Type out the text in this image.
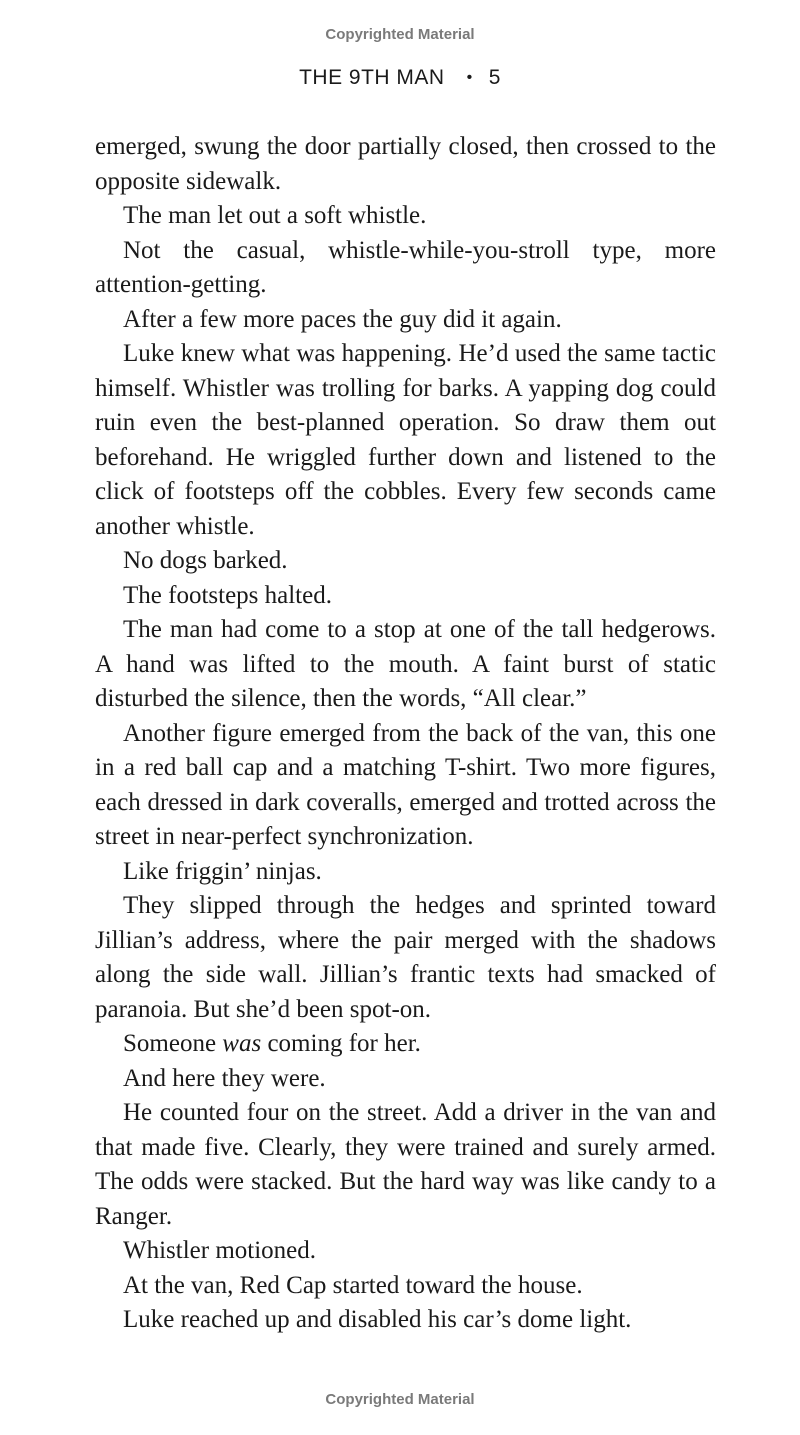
Copyrighted Material
THE 9TH MAN • 5

emerged, swung the door partially closed, then crossed to the opposite sidewalk.

The man let out a soft whistle.

Not the casual, whistle-while-you-stroll type, more attention-getting.

After a few more paces the guy did it again.

Luke knew what was happening. He’d used the same tactic himself. Whistler was trolling for barks. A yapping dog could ruin even the best-planned operation. So draw them out beforehand. He wriggled further down and listened to the click of footsteps off the cobbles. Every few seconds came another whistle.

No dogs barked.

The footsteps halted.

The man had come to a stop at one of the tall hedgerows. A hand was lifted to the mouth. A faint burst of static disturbed the silence, then the words, “All clear.”

Another figure emerged from the back of the van, this one in a red ball cap and a matching T-shirt. Two more figures, each dressed in dark coveralls, emerged and trotted across the street in near-perfect synchronization.

Like friggin’ ninjas.

They slipped through the hedges and sprinted toward Jillian’s address, where the pair merged with the shadows along the side wall. Jillian’s frantic texts had smacked of paranoia. But she’d been spot-on.

Someone was coming for her.

And here they were.

He counted four on the street. Add a driver in the van and that made five. Clearly, they were trained and surely armed. The odds were stacked. But the hard way was like candy to a Ranger.

Whistler motioned.

At the van, Red Cap started toward the house.

Luke reached up and disabled his car’s dome light.

Copyrighted Material
